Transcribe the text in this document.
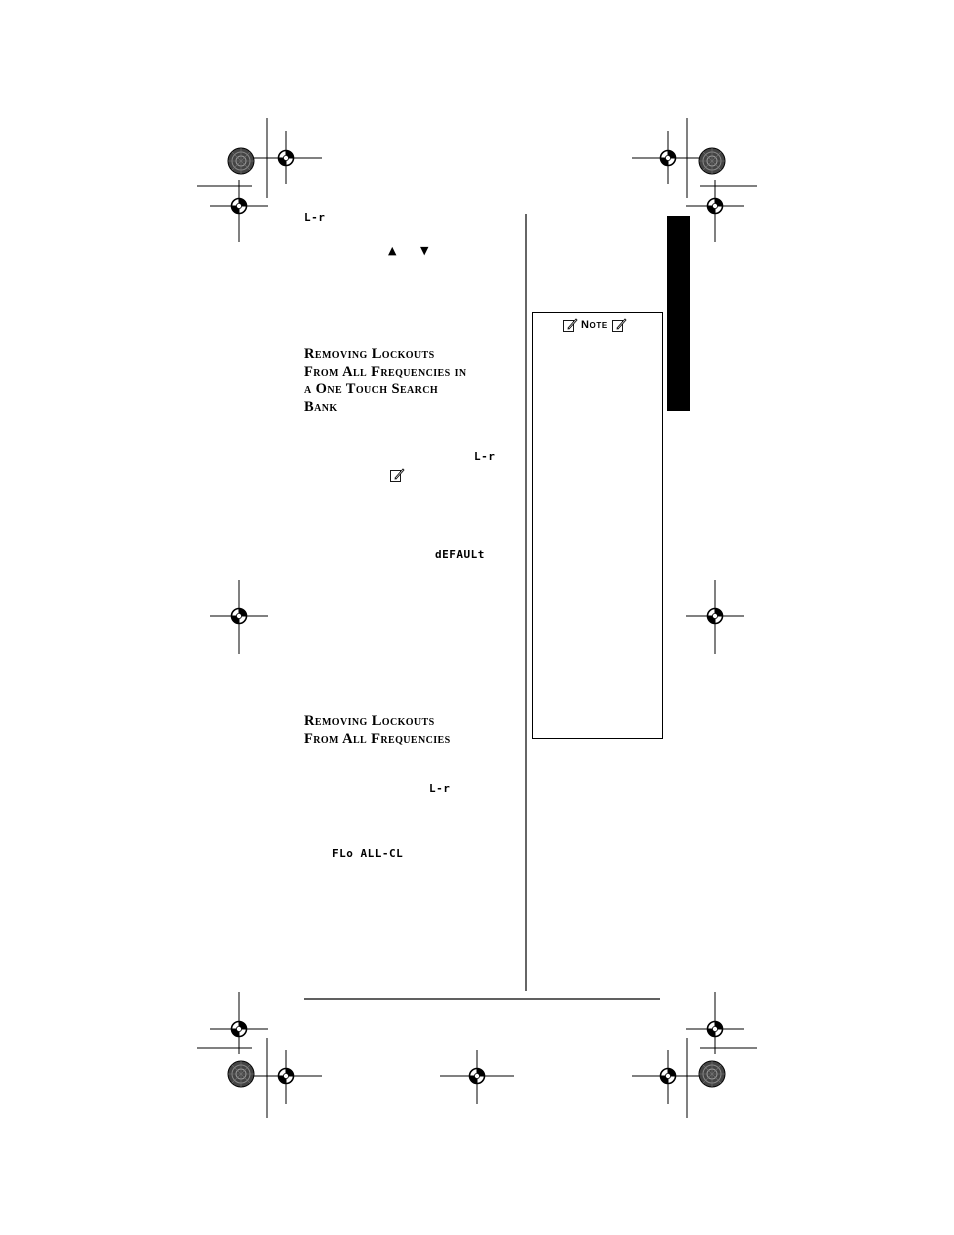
L-r
▲ ▼
Removing Lockouts
From All Frequencies in
a One Touch Search
Bank
L-r
dEFAULt
Removing Lockouts
From All Frequencies
L-r
FLo ALL-CL
Note
